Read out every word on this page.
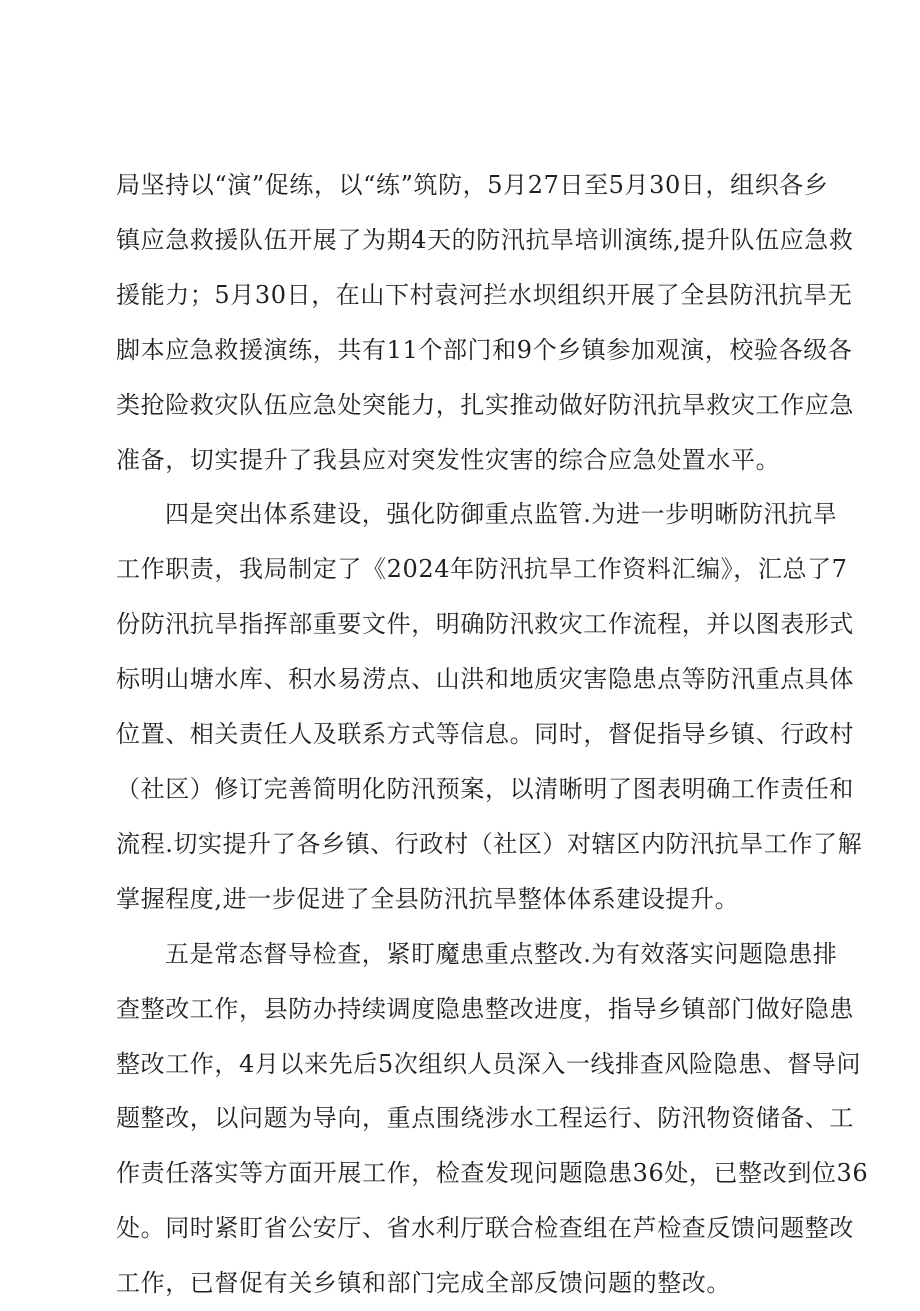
局坚持以“演”促练，以“练”筑防，5月27日至5月30日，组织各乡
镇应急救援队伍开展了为期4天的防汛抗旱培训演练,提升队伍应急救
援能力；5月30日，在山下村袁河拦水坝组织开展了全县防汛抗旱无
脚本应急救援演练，共有11个部门和9个乡镇参加观演，校验各级各
类抢险救灾队伍应急处突能力，扎实推动做好防汛抗旱救灾工作应急
准备，切实提升了我县应对突发性灾害的综合应急处置水平。
四是突出体系建设，强化防御重点监管.为进一步明晰防汛抗旱
工作职责，我局制定了《2024年防汛抗旱工作资料汇编》，汇总了7
份防汛抗旱指挥部重要文件，明确防汛救灾工作流程，并以图表形式
标明山塘水库、积水易涝点、山洪和地质灾害隐患点等防汛重点具体
位置、相关责任人及联系方式等信息。同时，督促指导乡镇、行政村
（社区）修订完善简明化防汛预案，以清晰明了图表明确工作责任和
流程.切实提升了各乡镇、行政村（社区）对辖区内防汛抗旱工作了解
掌握程度,进一步促进了全县防汛抗旱整体体系建设提升。
五是常态督导检查，紧盯魔患重点整改.为有效落实问题隐患排
查整改工作，县防办持续调度隐患整改进度，指导乡镇部门做好隐患
整改工作，4月以来先后5次组织人员深入一线排查风险隐患、督导问
题整改，以问题为导向，重点围绕涉水工程运行、防汛物资储备、工
作责任落实等方面开展工作，检查发现问题隐患36处，已整改到位36
处。同时紧盯省公安厅、省水利厅联合检查组在芦检查反馈问题整改
工作，已督促有关乡镇和部门完成全部反馈问题的整改。
